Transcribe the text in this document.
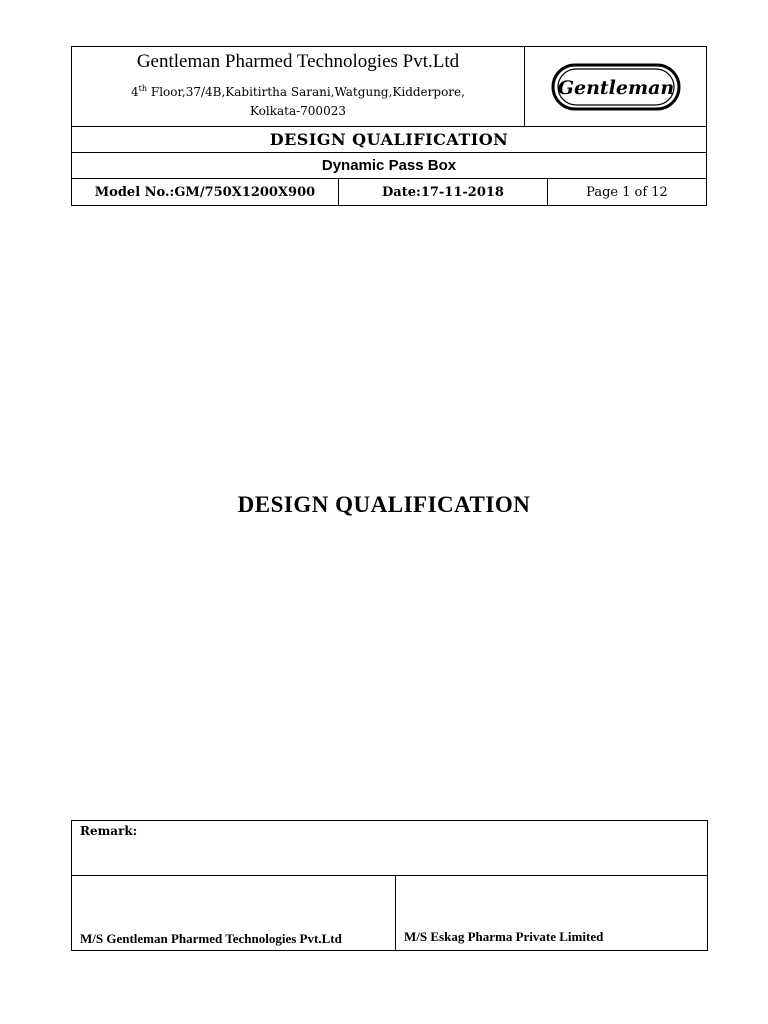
Gentleman Pharmed Technologies Pvt.Ltd
4th Floor,37/4B,Kabitirtha Sarani,Watgung,Kidderpore,
Kolkata-700023
Gentleman
DESIGN QUALIFICATION
Dynamic Pass Box
Model No.: GM/750X1200X900	Date: 17-11-2018	Page 1 of 12
DESIGN QUALIFICATION
Remark:
M/S Gentleman Pharmed Technologies Pvt.Ltd	M/S Eskag Pharma Private Limited
